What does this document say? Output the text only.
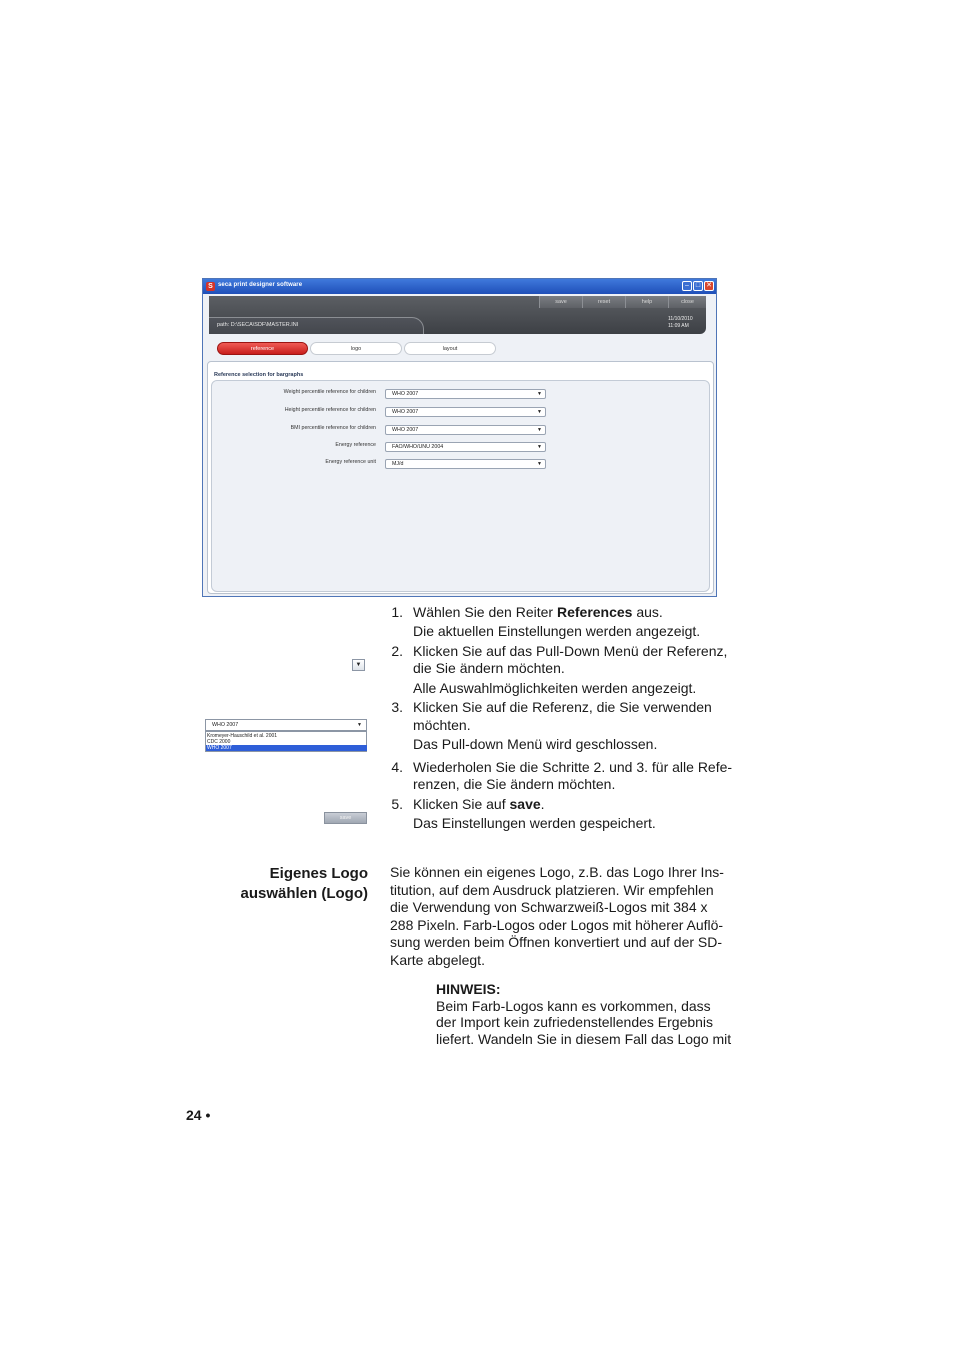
S seca print designer software	– □ ✕
save	reset	help	close
path: D:\SECA\SDF\MASTER.INI
11/10/2010
11:09 AM
reference	logo	layout
Reference selection for bargraphs
Weight percentile reference for children	WHO 2007	▼
Height percentile reference for children	WHO 2007	▼
BMI percentile reference for children	WHO 2007	▼
Energy reference	FAO/WHO/UNU 2004	▼
Energy reference unit	MJ/d	▼
▼
WHO 2007	▼
Kromeyer-Hauschild et al. 2001
CDC 2000
WHO 2007
save
1. Wählen Sie den Reiter References aus.
Die aktuellen Einstellungen werden angezeigt.
2. Klicken Sie auf das Pull-Down Menü der Referenz,
die Sie ändern möchten.
Alle Auswahlmöglichkeiten werden angezeigt.
3. Klicken Sie auf die Referenz, die Sie verwenden
möchten.
Das Pull-down Menü wird geschlossen.
4. Wiederholen Sie die Schritte 2. und 3. für alle Refe-
renzen, die Sie ändern möchten.
5. Klicken Sie auf save.
Das Einstellungen werden gespeichert.
Eigenes Logo
auswählen (Logo)
Sie können ein eigenes Logo, z.B. das Logo Ihrer Ins-
titution, auf dem Ausdruck platzieren. Wir empfehlen
die Verwendung von Schwarzweiß-Logos mit 384 x
288 Pixeln. Farb-Logos oder Logos mit höherer Auflö-
sung werden beim Öffnen konvertiert und auf der SD-
Karte abgelegt.
HINWEIS:
Beim Farb-Logos kann es vorkommen, dass
der Import kein zufriedenstellendes Ergebnis
liefert. Wandeln Sie in diesem Fall das Logo mit
24 •
